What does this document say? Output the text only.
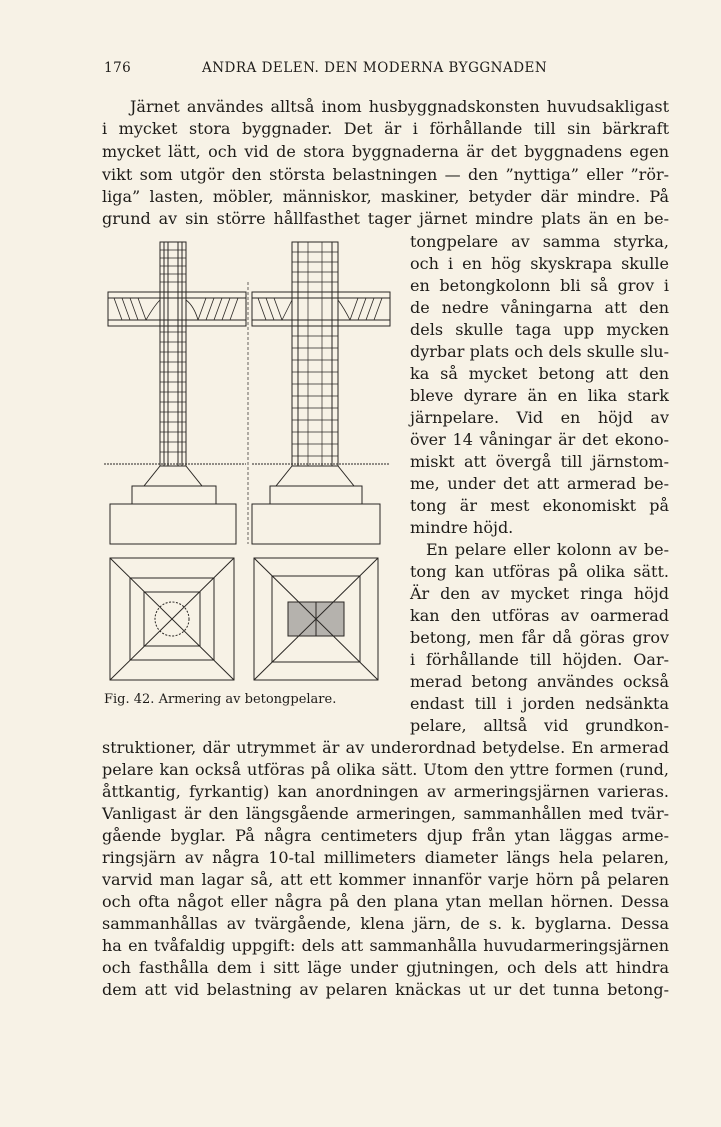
176	ANDRA DELEN. DEN MODERNA BYGGNADEN
Fig. 42. Armering av betongpelare.
Järnet användes alltså inom husbyggnadskonsten huvudsakligast
i mycket stora byggnader. Det är i förhållande till sin bärkraft
mycket lätt, och vid de stora byggnaderna är det byggnadens egen
vikt som utgör den största belastningen — den ”nyttiga” eller ”rör-
liga” lasten, möbler, människor, maskiner, betyder där mindre. På
grund av sin större hållfasthet tager järnet mindre plats än en be-
tongpelare av samma styrka,
och i en hög skyskrapa skulle
en betongkolonn bli så grov i
de nedre våningarna att den
dels skulle taga upp mycken
dyrbar plats och dels skulle slu-
ka så mycket betong att den
bleve dyrare än en lika stark
järnpelare. Vid en höjd av
över 14 våningar är det ekono-
miskt att övergå till järnstom-
me, under det att armerad be-
tong är mest ekonomiskt på
mindre höjd.
En pelare eller kolonn av be-
tong kan utföras på olika sätt.
Är den av mycket ringa höjd
kan den utföras av oarmerad
betong, men får då göras grov
i förhållande till höjden. Oar-
merad betong användes också
endast till i jorden nedsänkta
pelare, alltså vid grundkon-
struktioner, där utrymmet är av underordnad betydelse. En armerad
pelare kan också utföras på olika sätt. Utom den yttre formen (rund,
åttkantig, fyrkantig) kan anordningen av armeringsjärnen varieras.
Vanligast är den längsgående armeringen, sammanhållen med tvär-
gående byglar. På några centimeters djup från ytan läggas arme-
ringsjärn av några 10-tal millimeters diameter längs hela pelaren,
varvid man lagar så, att ett kommer innanför varje hörn på pelaren
och ofta något eller några på den plana ytan mellan hörnen. Dessa
sammanhållas av tvärgående, klena järn, de s. k. byglarna. Dessa
ha en tvåfaldig uppgift: dels att sammanhålla huvudarmeringsjärnen
och fasthålla dem i sitt läge under gjutningen, och dels att hindra
dem att vid belastning av pelaren knäckas ut ur det tunna betong-
